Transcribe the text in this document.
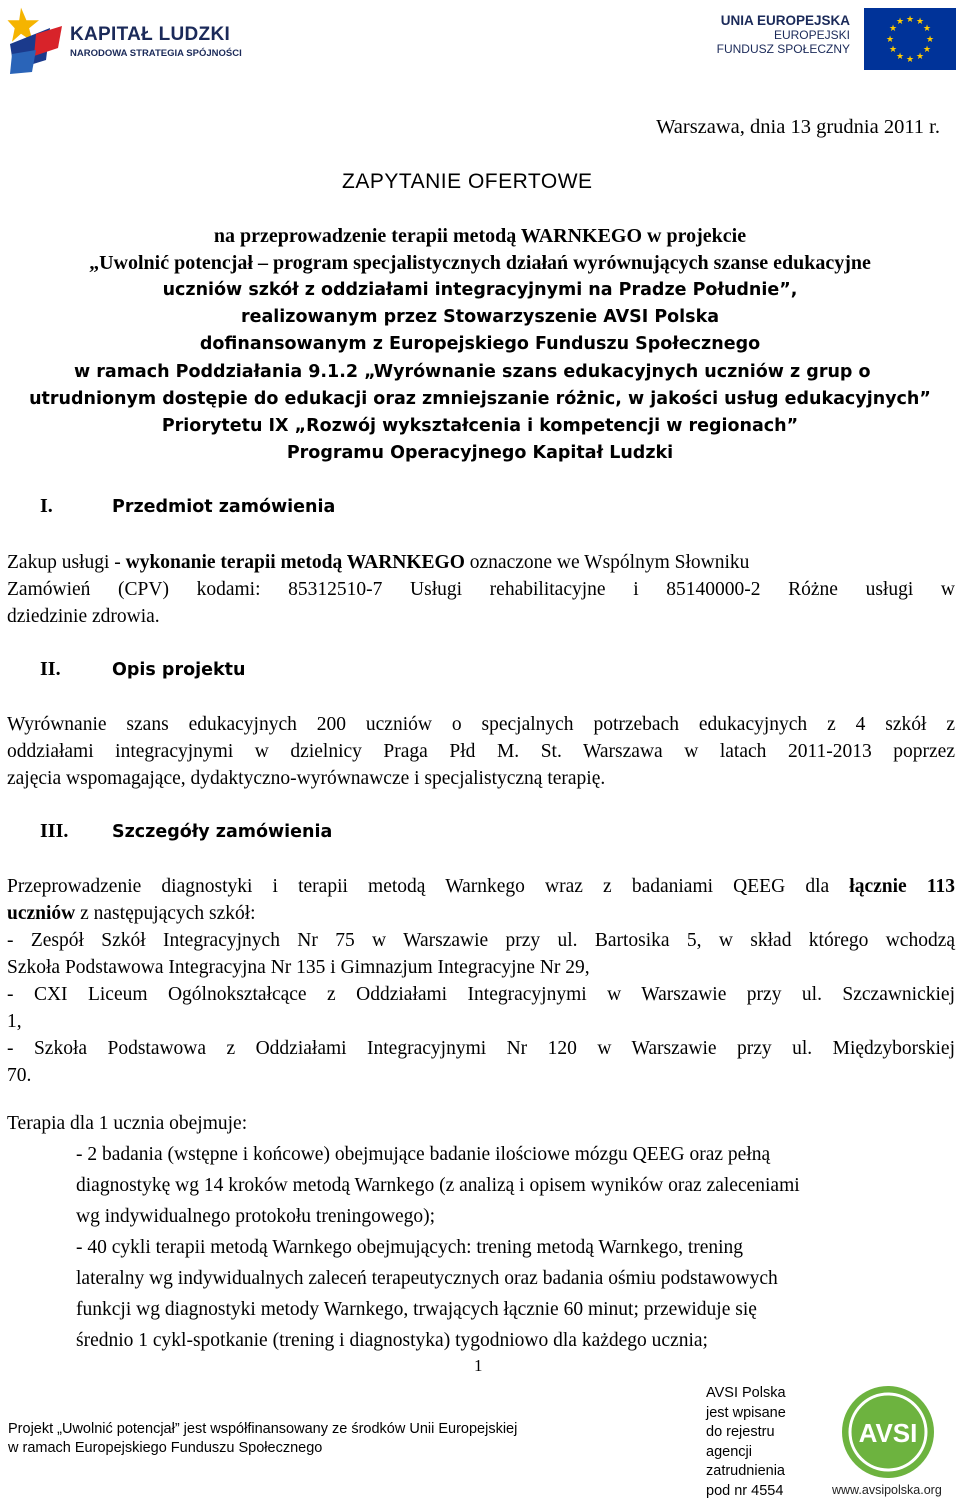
KAPITAŁ LUDZKI
NARODOWA STRATEGIA SPÓJNOŚCI
UNIA EUROPEJSKA
EUROPEJSKI
FUNDUSZ SPOŁECZNY
★ ★
★
★
★
★
★
★
★
★
★
★
Warszawa, dnia 13 grudnia 2011 r.
ZAPYTANIE OFERTOWE
na przeprowadzenie terapii metodą WARNKEGO w projekcie
„Uwolnić potencjał – program specjalistycznych działań wyrównujących szanse edukacyjne
uczniów szkół z oddziałami integracyjnymi na Pradze Południe”,
realizowanym przez Stowarzyszenie AVSI Polska
dofinansowanym z Europejskiego Funduszu Społecznego
w ramach Poddziałania 9.1.2 „Wyrównanie szans edukacyjnych uczniów z grup o
utrudnionym dostępie do edukacji oraz zmniejszanie różnic, w jakości usług edukacyjnych”
Priorytetu IX „Rozwój wykształcenia i kompetencji w regionach”
Programu Operacyjnego Kapitał Ludzki
I.	Przedmiot zamówienia
Zakup usługi - wykonanie terapii metodą WARNKEGO oznaczone we Wspólnym Słowniku
Zamówień (CPV) kodami: 85312510-7 Usługi rehabilitacyjne i 85140000-2 Różne usługi w
dziedzinie zdrowia.
II.	Opis projektu
Wyrównanie szans edukacyjnych 200 uczniów o specjalnych potrzebach edukacyjnych z 4 szkół z
oddziałami integracyjnymi w dzielnicy Praga Płd M. St. Warszawa w latach 2011-2013 poprzez
zajęcia wspomagające, dydaktyczno-wyrównawcze i specjalistyczną terapię.
III. Szczegóły zamówienia
Przeprowadzenie diagnostyki i terapii metodą Warnkego wraz z badaniami QEEG dla łącznie 113
uczniów z następujących szkół:
- Zespół Szkół Integracyjnych Nr 75 w Warszawie przy ul. Bartosika 5, w skład którego wchodzą
Szkoła Podstawowa Integracyjna Nr 135 i Gimnazjum Integracyjne Nr 29,
- CXI Liceum Ogólnokształcące z Oddziałami Integracyjnymi w Warszawie przy ul. Szczawnickiej
1,
- Szkoła Podstawowa z Oddziałami Integracyjnymi Nr 120 w Warszawie przy ul. Międzyborskiej
70.
Terapia dla 1 ucznia obejmuje:
- 2 badania (wstępne i końcowe) obejmujące badanie ilościowe mózgu QEEG oraz pełną
diagnostykę wg 14 kroków metodą Warnkego (z analizą i opisem wyników oraz zaleceniami
wg indywidualnego protokołu treningowego);
- 40 cykli terapii metodą Warnkego obejmujących: trening metodą Warnkego, trening
lateralny wg indywidualnych zaleceń terapeutycznych oraz badania ośmiu podstawowych
funkcji wg diagnostyki metody Warnkego, trwających łącznie 60 minut; przewiduje się
średnio 1 cykl-spotkanie (trening i diagnostyka) tygodniowo dla każdego ucznia;
1
Projekt „Uwolnić potencjał” jest współfinansowany ze środków Unii Europejskiej
w ramach Europejskiego Funduszu Społecznego
AVSI Polska
jest wpisane
do rejestru
agencji
zatrudnienia
pod nr 4554
AVSI
www.avsipolska.org
